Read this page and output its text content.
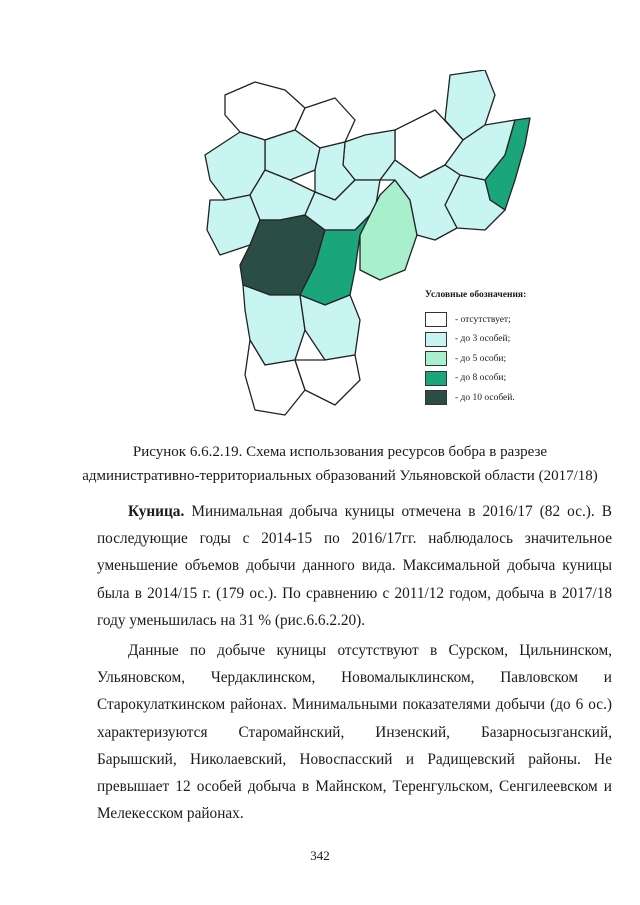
Условные обозначения:
- отсутствует;
- до 3 особей;
- до 5 особи;
- до 8 особи;
- до 10 особей.
Рисунок 6.6.2.19. Схема использования ресурсов бобра в разрезе
административно-территориальных образований Ульяновской области (2017/18)

Куница. Минимальная добыча куницы отмечена в 2016/17 (82 ос.). В последующие годы с 2014-15 по 2016/17гг. наблюдалось значительное уменьшение объемов добычи данного вида. Максимальной добыча куницы была в 2014/15 г. (179 ос.). По сравнению с 2011/12 годом, добыча в 2017/18 году уменьшилась на 31 % (рис.6.6.2.20).

Данные по добыче куницы отсутствуют в Сурском, Цильнинском, Ульяновском, Чердаклинском, Новомалыклинском, Павловском и Старокулаткинском районах. Минимальными показателями добычи (до 6 ос.) характеризуются Старомайнский, Инзенский, Базарносызганский, Барышский, Николаевский, Новоспасский и Радищевский районы. Не превышает 12 особей добыча в Майнском, Теренгульском, Сенгилеевском и Мелекесском районах.

342
